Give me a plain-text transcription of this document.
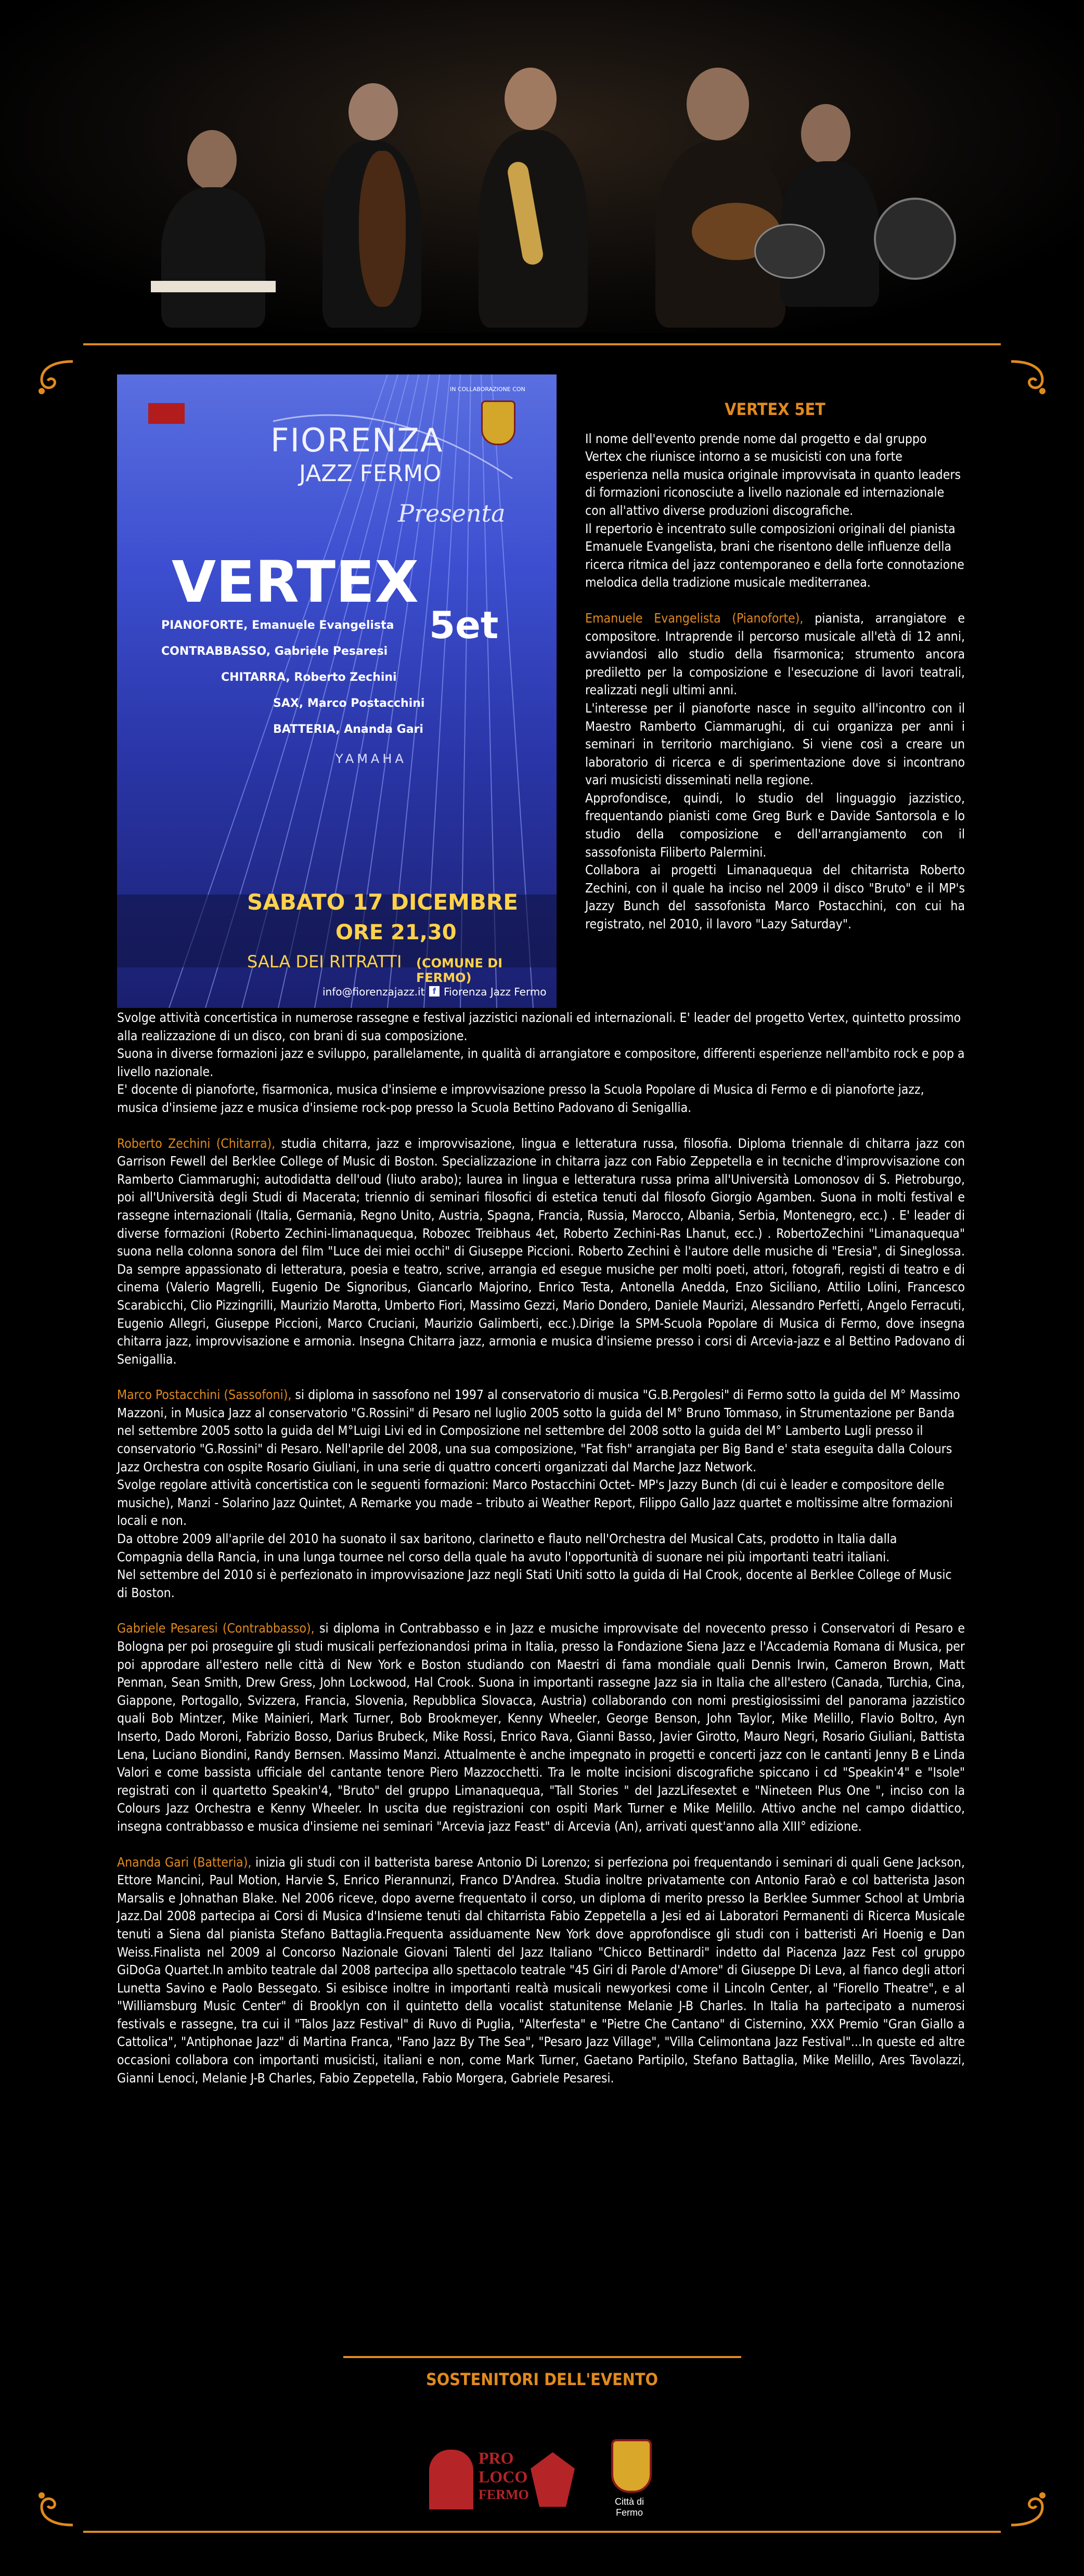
IN COLLABORAZIONE CON
FIORENZA
JAZZ FERMO
Presenta
VERTEX
5et
PIANOFORTE, Emanuele Evangelista
CONTRABBASSO, Gabriele Pesaresi
CHITARRA, Roberto Zechini
SAX, Marco Postacchini
BATTERIA, Ananda Gari
YAMAHA
SABATO 17 DICEMBRE
ORE 21,30
SALA DEI RITRATTI (COMUNE DI FERMO)
info@fiorenzajazz.it f Fiorenza Jazz Fermo
VERTEX 5ET

Il nome dell'evento prende nome dal progetto e dal gruppo Vertex che riunisce intorno a se musicisti con una forte esperienza nella musica originale improvvisata in quanto leaders di formazioni riconosciute a livello nazionale ed internazionale con all'attivo diverse produzioni discografiche.

Il repertorio è incentrato sulle composizioni originali del pianista Emanuele Evangelista, brani che risentono delle influenze della ricerca ritmica del jazz contemporaneo e della forte connotazione melodica della tradizione musicale mediterranea.

Emanuele Evangelista (Pianoforte), pianista, arrangiatore e compositore. Intraprende il percorso musicale all'età di 12 anni, avviandosi allo studio della fisarmonica; strumento ancora prediletto per la composizione e l'esecuzione di lavori teatrali, realizzati negli ultimi anni.

L'interesse per il pianoforte nasce in seguito all'incontro con il Maestro Ramberto Ciammarughi, di cui organizza per anni i seminari in territorio marchigiano. Si viene così a creare un laboratorio di ricerca e di sperimentazione dove si incontrano vari musicisti disseminati nella regione.

Approfondisce, quindi, lo studio del linguaggio jazzistico, frequentando pianisti come Greg Burk e Davide Santorsola e lo studio della composizione e dell'arrangiamento con il sassofonista Filiberto Palermini.

Collabora ai progetti Limanaquequa del chitarrista Roberto Zechini, con il quale ha inciso nel 2009 il disco "Bruto" e il MP's Jazzy Bunch del sassofonista Marco Postacchini, con cui ha registrato, nel 2010, il lavoro "Lazy Saturday".

Svolge attività concertistica in numerose rassegne e festival jazzistici nazionali ed internazionali. E' leader del progetto Vertex, quintetto prossimo alla realizzazione di un disco, con brani di sua composizione.

Suona in diverse formazioni jazz e sviluppo, parallelamente, in qualità di arrangiatore e compositore, differenti esperienze nell'ambito rock e pop a livello nazionale.

E' docente di pianoforte, fisarmonica, musica d'insieme e improvvisazione presso la Scuola Popolare di Musica di Fermo e di pianoforte jazz, musica d'insieme jazz e musica d'insieme rock-pop presso la Scuola Bettino Padovano di Senigallia.

Roberto Zechini (Chitarra), studia chitarra, jazz e improvvisazione, lingua e letteratura russa, filosofia. Diploma triennale di chitarra jazz con Garrison Fewell del Berklee College of Music di Boston. Specializzazione in chitarra jazz con Fabio Zeppetella e in tecniche d'improvvisazione con Ramberto Ciammarughi; autodidatta dell'oud (liuto arabo); laurea in lingua e letteratura russa prima all'Università Lomonosov di S. Pietroburgo, poi all'Università degli Studi di Macerata; triennio di seminari filosofici di estetica tenuti dal filosofo Giorgio Agamben. Suona in molti festival e rassegne internazionali (Italia, Germania, Regno Unito, Austria, Spagna, Francia, Russia, Marocco, Albania, Serbia, Montenegro, ecc.) . E' leader di diverse formazioni (Roberto Zechini-limanaquequa, Robozec Treibhaus 4et, Roberto Zechini-Ras Lhanut, ecc.) . RobertoZechini "Limanaquequa" suona nella colonna sonora del film "Luce dei miei occhi" di Giuseppe Piccioni. Roberto Zechini è l'autore delle musiche di "Eresia", di Sineglossa. Da sempre appassionato di letteratura, poesia e teatro, scrive, arrangia ed esegue musiche per molti poeti, attori, fotografi, registi di teatro e di cinema (Valerio Magrelli, Eugenio De Signoribus, Giancarlo Majorino, Enrico Testa, Antonella Anedda, Enzo Siciliano, Attilio Lolini, Francesco Scarabicchi, Clio Pizzingrilli, Maurizio Marotta, Umberto Fiori, Massimo Gezzi, Mario Dondero, Daniele Maurizi, Alessandro Perfetti, Angelo Ferracuti, Eugenio Allegri, Giuseppe Piccioni, Marco Cruciani, Maurizio Galimberti, ecc.).Dirige la SPM-Scuola Popolare di Musica di Fermo, dove insegna chitarra jazz, improvvisazione e armonia. Insegna Chitarra jazz, armonia e musica d'insieme presso i corsi di Arcevia-jazz e al Bettino Padovano di Senigallia.

Marco Postacchini (Sassofoni), si diploma in sassofono nel 1997 al conservatorio di musica "G.B.Pergolesi" di Fermo sotto la guida del M° Massimo Mazzoni, in Musica Jazz al conservatorio "G.Rossini" di Pesaro nel luglio 2005 sotto la guida del M° Bruno Tommaso, in Strumentazione per Banda nel settembre 2005 sotto la guida del M°Luigi Livi ed in Composizione nel settembre del 2008 sotto la guida del M° Lamberto Lugli presso il conservatorio "G.Rossini" di Pesaro. Nell'aprile del 2008, una sua composizione, "Fat fish" arrangiata per Big Band e' stata eseguita dalla Colours Jazz Orchestra con ospite Rosario Giuliani, in una serie di quattro concerti organizzati dal Marche Jazz Network.

Svolge regolare attività concertistica con le seguenti formazioni: Marco Postacchini Octet- MP's Jazzy Bunch (di cui è leader e compositore delle musiche), Manzi - Solarino Jazz Quintet, A Remarke you made – tributo ai Weather Report, Filippo Gallo Jazz quartet e moltissime altre formazioni locali e non.

Da ottobre 2009 all'aprile del 2010 ha suonato il sax baritono, clarinetto e flauto nell'Orchestra del Musical Cats, prodotto in Italia dalla Compagnia della Rancia, in una lunga tournee nel corso della quale ha avuto l'opportunità di suonare nei più importanti teatri italiani.

Nel settembre del 2010 si è perfezionato in improvvisazione Jazz negli Stati Uniti sotto la guida di Hal Crook, docente al Berklee College of Music di Boston.

Gabriele Pesaresi (Contrabbasso), si diploma in Contrabbasso e in Jazz e musiche improvvisate del novecento presso i Conservatori di Pesaro e Bologna per poi proseguire gli studi musicali perfezionandosi prima in Italia, presso la Fondazione Siena Jazz e l'Accademia Romana di Musica, per poi approdare all'estero nelle città di New York e Boston studiando con Maestri di fama mondiale quali Dennis Irwin, Cameron Brown, Matt Penman, Sean Smith, Drew Gress, John Lockwood, Hal Crook. Suona in importanti rassegne Jazz sia in Italia che all'estero (Canada, Turchia, Cina, Giappone, Portogallo, Svizzera, Francia, Slovenia, Repubblica Slovacca, Austria) collaborando con nomi prestigiosissimi del panorama jazzistico quali Bob Mintzer, Mike Mainieri, Mark Turner, Bob Brookmeyer, Kenny Wheeler, George Benson, John Taylor, Mike Melillo, Flavio Boltro, Ayn Inserto, Dado Moroni, Fabrizio Bosso, Darius Brubeck, Mike Rossi, Enrico Rava, Gianni Basso, Javier Girotto, Mauro Negri, Rosario Giuliani, Battista Lena, Luciano Biondini, Randy Bernsen. Massimo Manzi. Attualmente è anche impegnato in progetti e concerti jazz con le cantanti Jenny B e Linda Valori e come bassista ufficiale del cantante tenore Piero Mazzocchetti. Tra le molte incisioni discografiche spiccano i cd "Speakin'4" e "Isole" registrati con il quartetto Speakin'4, "Bruto" del gruppo Limanaquequa, "Tall Stories " del JazzLifesextet e "Nineteen Plus One ", inciso con la Colours Jazz Orchestra e Kenny Wheeler. In uscita due registrazioni con ospiti Mark Turner e Mike Melillo. Attivo anche nel campo didattico, insegna contrabbasso e musica d'insieme nei seminari "Arcevia jazz Feast" di Arcevia (An), arrivati quest'anno alla XIII° edizione.

Ananda Gari (Batteria), inizia gli studi con il batterista barese Antonio Di Lorenzo; si perfeziona poi frequentando i seminari di quali Gene Jackson, Ettore Mancini, Paul Motion, Harvie S, Enrico Pierannunzi, Franco D'Andrea. Studia inoltre privatamente con Antonio Faraò e col batterista Jason Marsalis e Johnathan Blake. Nel 2006 riceve, dopo averne frequentato il corso, un diploma di merito presso la Berklee Summer School at Umbria Jazz.Dal 2008 partecipa ai Corsi di Musica d'Insieme tenuti dal chitarrista Fabio Zeppetella a Jesi ed ai Laboratori Permanenti di Ricerca Musicale tenuti a Siena dal pianista Stefano Battaglia.Frequenta assiduamente New York dove approfondisce gli studi con i batteristi Ari Hoenig e Dan Weiss.Finalista nel 2009 al Concorso Nazionale Giovani Talenti del Jazz Italiano "Chicco Bettinardi" indetto dal Piacenza Jazz Fest col gruppo GiDoGa Quartet.In ambito teatrale dal 2008 partecipa allo spettacolo teatrale "45 Giri di Parole d'Amore" di Giuseppe Di Leva, al fianco degli attori Lunetta Savino e Paolo Bessegato. Si esibisce inoltre in importanti realtà musicali newyorkesi come il Lincoln Center, al "Fiorello Theatre", e al "Williamsburg Music Center" di Brooklyn con il quintetto della vocalist statunitense Melanie J-B Charles. In Italia ha partecipato a numerosi festivals e rassegne, tra cui il "Talos Jazz Festival" di Ruvo di Puglia, "Alterfesta" e "Pietre Che Cantano" di Cisternino, XXX Premio "Gran Giallo a Cattolica", "Antiphonae Jazz" di Martina Franca, "Fano Jazz By The Sea", "Pesaro Jazz Village", "Villa Celimontana Jazz Festival"...In queste ed altre occasioni collabora con importanti musicisti, italiani e non, come Mark Turner, Gaetano Partipilo, Stefano Battaglia, Mike Melillo, Ares Tavolazzi, Gianni Lenoci, Melanie J-B Charles, Fabio Zeppetella, Fabio Morgera, Gabriele Pesaresi.

SOSTENITORI DELL'EVENTO
PRO
LOCO
FERMO	Città di Fermo
